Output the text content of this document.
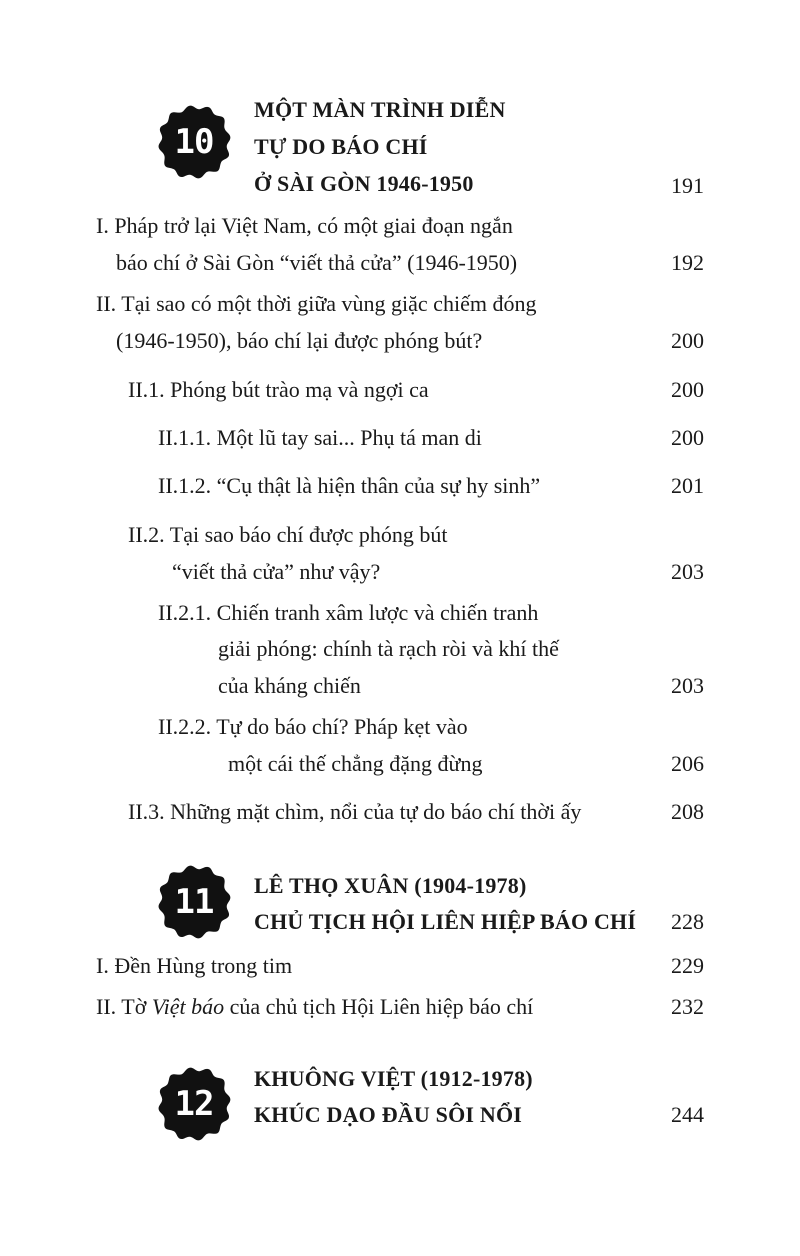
10
MỘT MÀN TRÌNH DIỄN
TỰ DO BÁO CHÍ
Ở SÀI GÒN 1946-1950	191
I. Pháp trở lại Việt Nam, có một giai đoạn ngắn
báo chí ở Sài Gòn “viết thả cửa” (1946-1950)	192
II. Tại sao có một thời giữa vùng giặc chiếm đóng
(1946-1950), báo chí lại được phóng bút?	200
II.1. Phóng bút trào mạ và ngợi ca	200
II.1.1. Một lũ tay sai... Phụ tá man di	200
II.1.2. “Cụ thật là hiện thân của sự hy sinh”	201
II.2. Tại sao báo chí được phóng bút
“viết thả cửa” như vậy?	203
II.2.1. Chiến tranh xâm lược và chiến tranh
giải phóng: chính tà rạch ròi và khí thế
của kháng chiến	203
II.2.2. Tự do báo chí? Pháp kẹt vào
một cái thế chẳng đặng đừng	206
II.3. Những mặt chìm, nổi của tự do báo chí thời ấy	208
11	LÊ THỌ XUÂN (1904-1978)
CHỦ TỊCH HỘI LIÊN HIỆP BÁO CHÍ 228
I. Đền Hùng trong tim	229
II. Tờ Việt báo của chủ tịch Hội Liên hiệp báo chí	232
12
KHUÔNG VIỆT (1912-1978)
KHÚC DẠO ĐẦU SÔI NỔI	244
